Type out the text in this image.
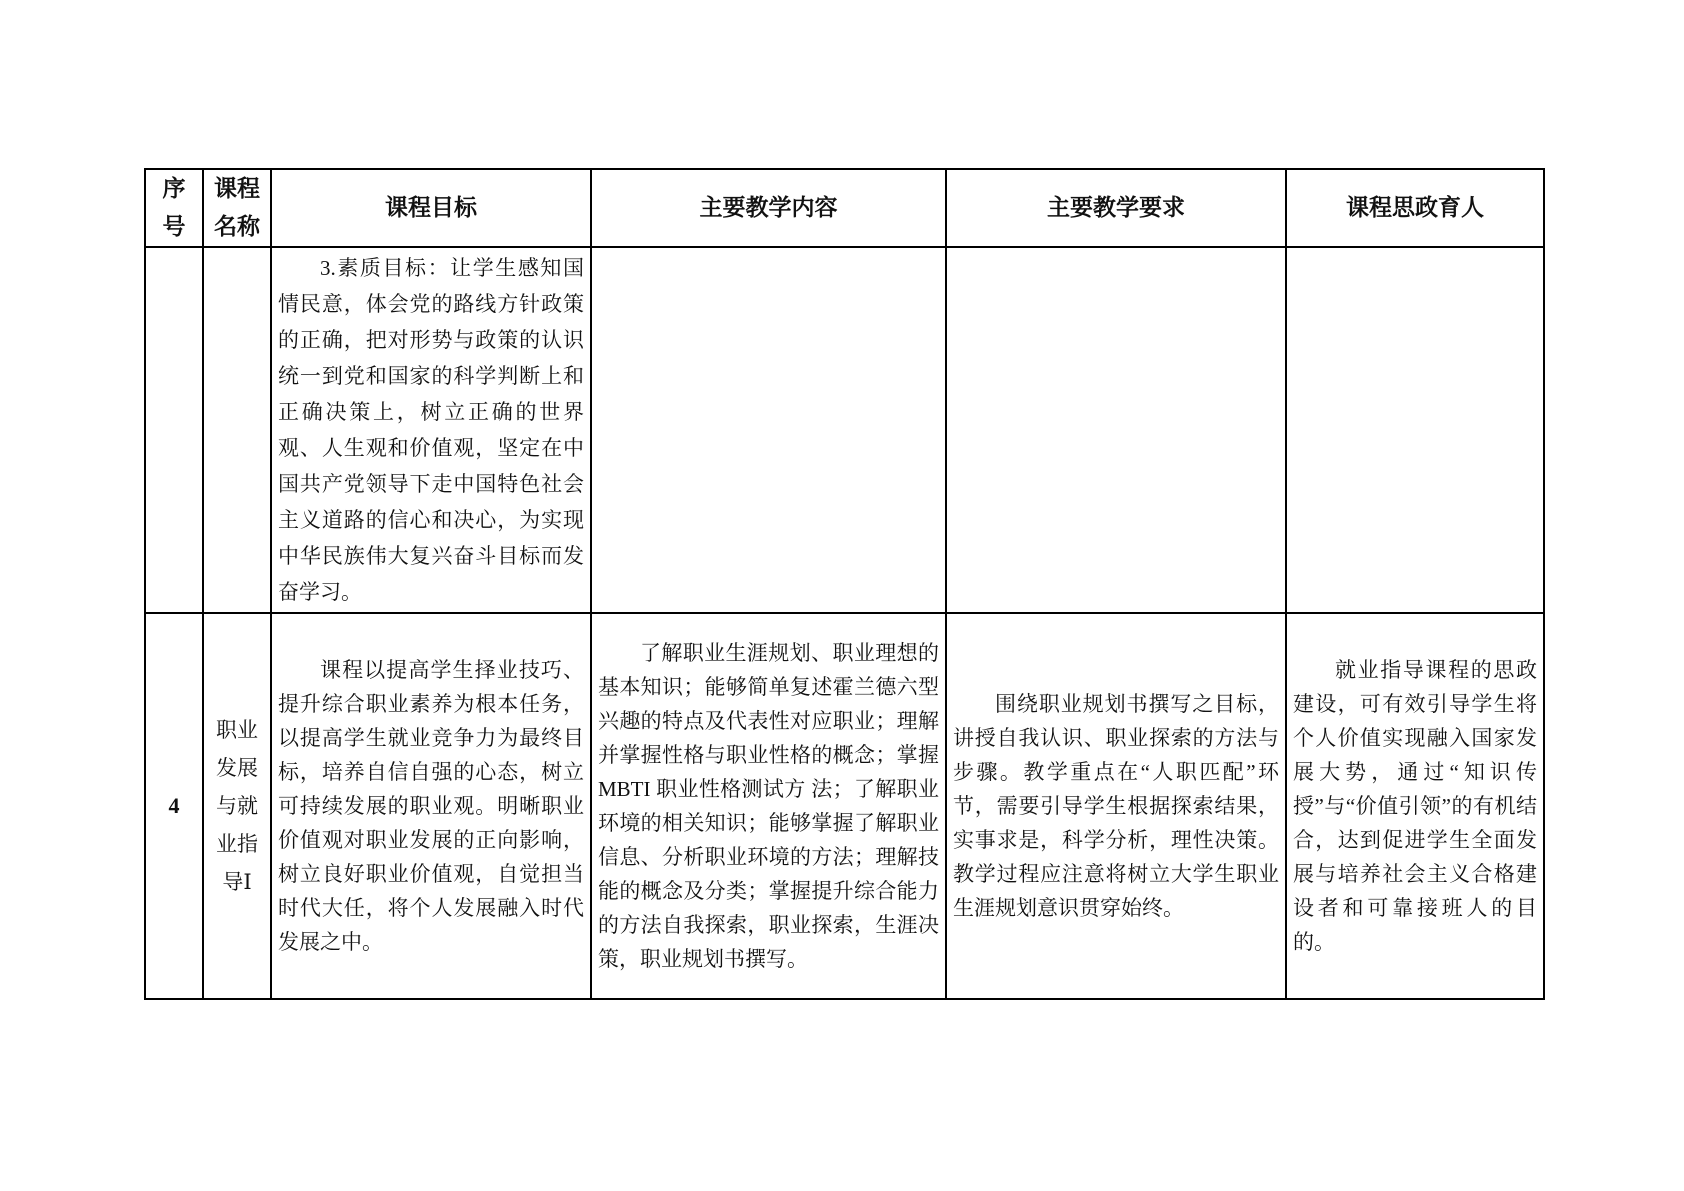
序号	课程名称	课程目标	主要教学内容	主要教学要求	课程思政育人

		3.素质目标：让学生感知国情民意，体会党的路线方针政策的正确，把对形势与政策的认识统一到党和国家的科学判断上和正确决策上，树立正确的世界观、人生观和价值观，坚定在中国共产党领导下走中国特色社会主义道路的信心和决心，为实现中华民族伟大复兴奋斗目标而发奋学习。			

4	职业发展与就业指导Ⅰ	课程以提高学生择业技巧、提升综合职业素养为根本任务，以提高学生就业竞争力为最终目标，培养自信自强的心态，树立可持续发展的职业观。明晰职业价值观对职业发展的正向影响，树立良好职业价值观，自觉担当时代大任，将个人发展融入时代发展之中。	了解职业生涯规划、职业理想的基本知识；能够简单复述霍兰德六型兴趣的特点及代表性对应职业；理解并掌握性格与职业性格的概念；掌握MBTI 职业性格测试方 法；了解职业环境的相关知识；能够掌握了解职业信息、分析职业环境的方法；理解技能的概念及分类；掌握提升综合能力的方法自我探索，职业探索，生涯决策，职业规划书撰写。	围绕职业规划书撰写之目标，讲授自我认识、职业探索的方法与步骤。教学重点在“人职匹配”环节，需要引导学生根据探索结果，实事求是，科学分析，理性决策。教学过程应注意将树立大学生职业生涯规划意识贯穿始终。	就业指导课程的思政建设，可有效引导学生将个人价值实现融入国家发展大势，通过“知识传授”与“价值引领”的有机结合，达到促进学生全面发展与培养社会主义合格建设者和可靠接班人的目的。
